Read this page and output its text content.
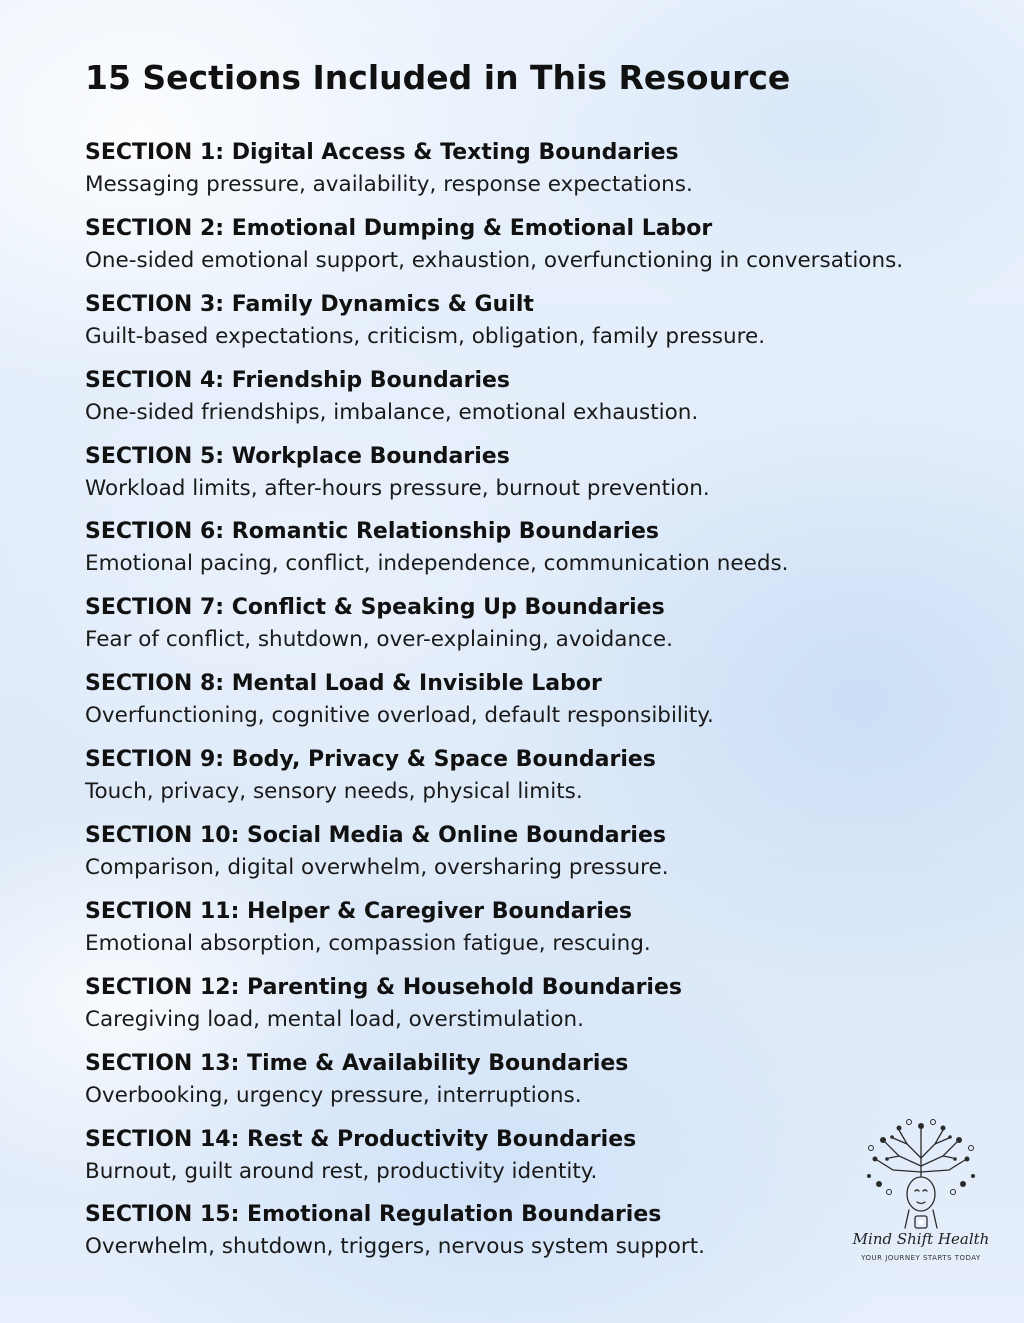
15 Sections Included in This Resource
SECTION 1: Digital Access & Texting Boundaries
Messaging pressure, availability, response expectations.
SECTION 2: Emotional Dumping & Emotional Labor
One-sided emotional support, exhaustion, overfunctioning in conversations.
SECTION 3: Family Dynamics & Guilt
Guilt-based expectations, criticism, obligation, family pressure.
SECTION 4: Friendship Boundaries
One-sided friendships, imbalance, emotional exhaustion.
SECTION 5: Workplace Boundaries
Workload limits, after-hours pressure, burnout prevention.
SECTION 6: Romantic Relationship Boundaries
Emotional pacing, conflict, independence, communication needs.
SECTION 7: Conflict & Speaking Up Boundaries
Fear of conflict, shutdown, over-explaining, avoidance.
SECTION 8: Mental Load & Invisible Labor
Overfunctioning, cognitive overload, default responsibility.
SECTION 9: Body, Privacy & Space Boundaries
Touch, privacy, sensory needs, physical limits.
SECTION 10: Social Media & Online Boundaries
Comparison, digital overwhelm, oversharing pressure.
SECTION 11: Helper & Caregiver Boundaries
Emotional absorption, compassion fatigue, rescuing.
SECTION 12: Parenting & Household Boundaries
Caregiving load, mental load, overstimulation.
SECTION 13: Time & Availability Boundaries
Overbooking, urgency pressure, interruptions.
SECTION 14: Rest & Productivity Boundaries
Burnout, guilt around rest, productivity identity.
SECTION 15: Emotional Regulation Boundaries
Overwhelm, shutdown, triggers, nervous system support.	Mind Shift Health
YOUR JOURNEY STARTS TODAY
